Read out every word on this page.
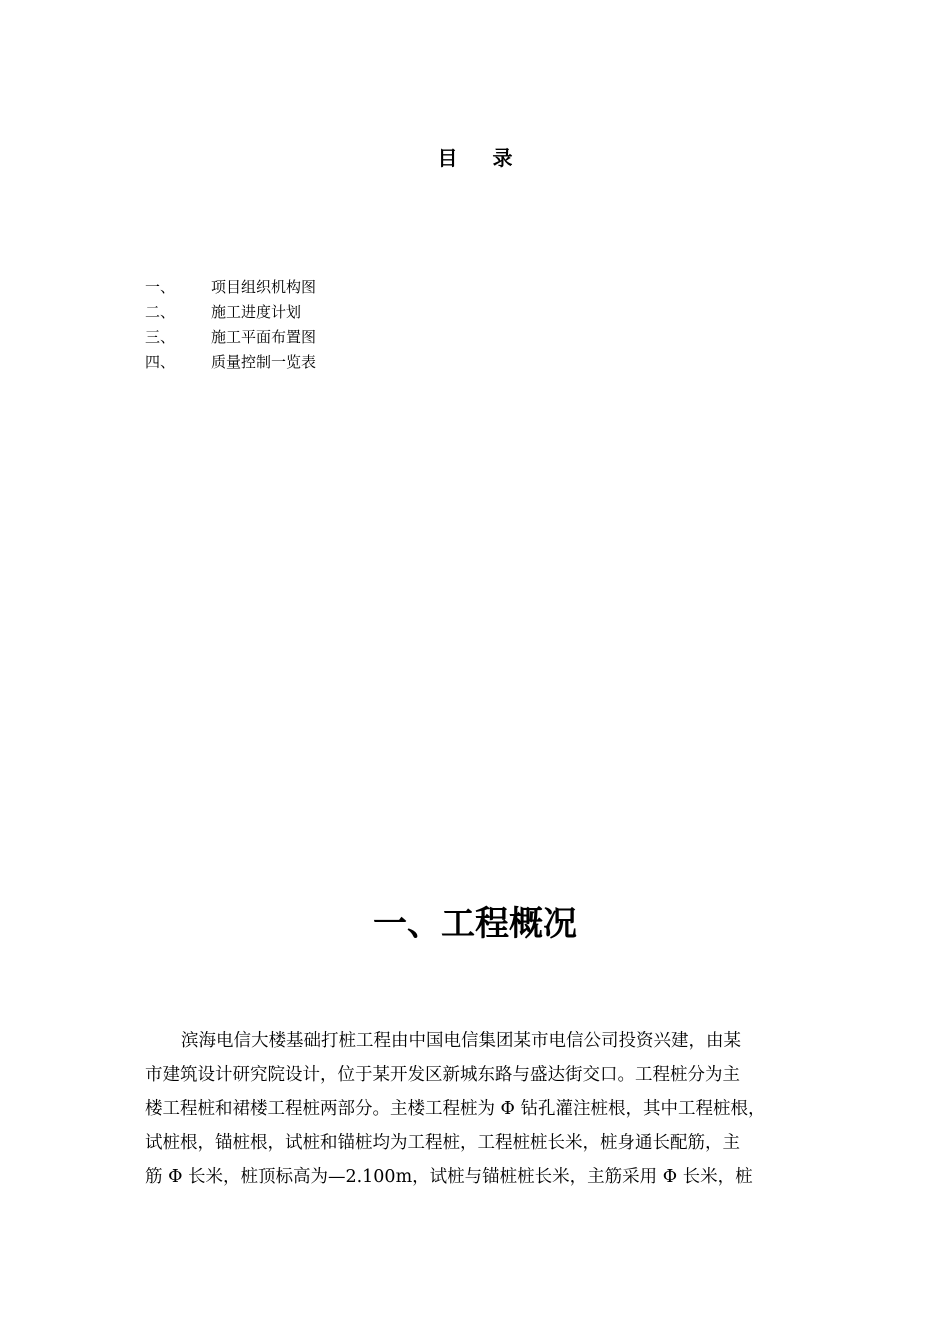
目 录
一、 项目组织机构图
二、 施工进度计划
三、 施工平面布置图
四、 质量控制一览表
一、工程概况
滨海电信大楼基础打桩工程由中国电信集团某市电信公司投资兴建，由某
市建筑设计研究院设计，位于某开发区新城东路与盛达街交口。工程桩分为主
楼工程桩和裙楼工程桩两部分。主楼工程桩为 Φ 钻孔灌注桩根，其中工程桩根，
试桩根，锚桩根，试桩和锚桩均为工程桩，工程桩桩长米，桩身通长配筋，主
筋 Φ 长米，桩顶标高为—2.100m，试桩与锚桩桩长米，主筋采用 Φ 长米，桩
